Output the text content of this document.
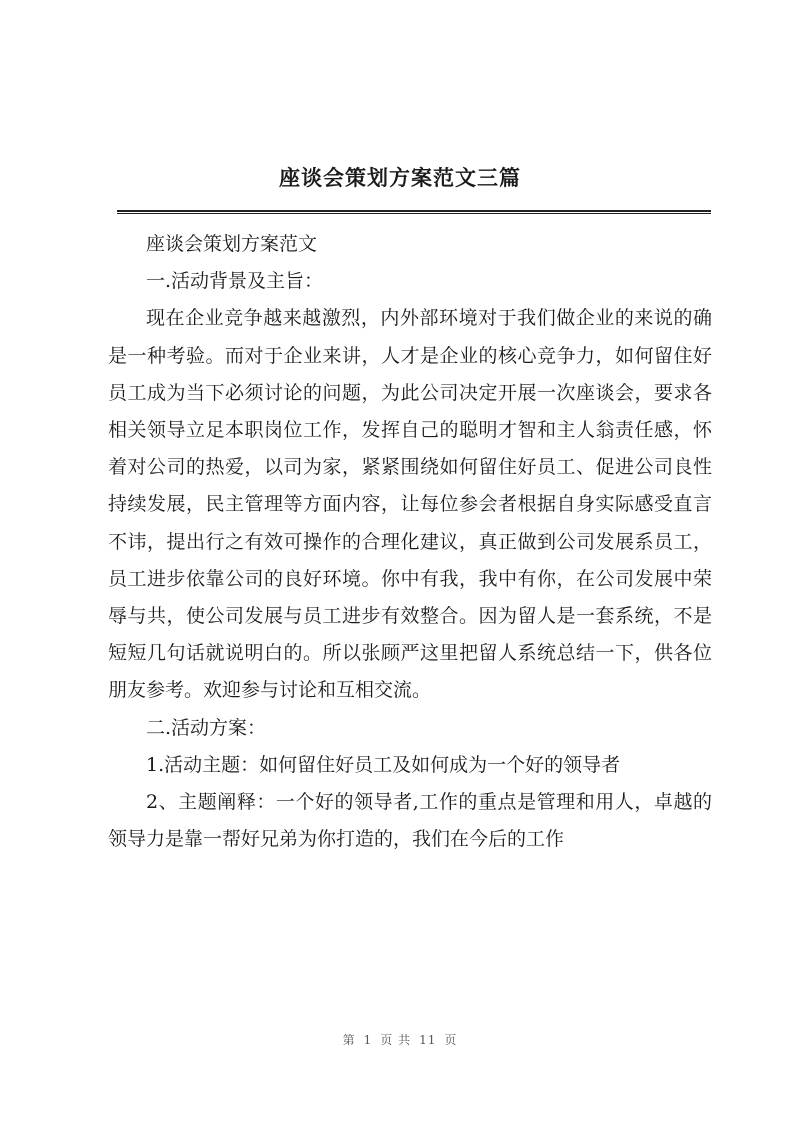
座谈会策划方案范文三篇

座谈会策划方案范文

一.活动背景及主旨：

现在企业竞争越来越激烈，内外部环境对于我们做企业的来说的确是一种考验。而对于企业来讲，人才是企业的核心竞争力，如何留住好员工成为当下必须讨论的问题，为此公司决定开展一次座谈会，要求各相关领导立足本职岗位工作，发挥自己的聪明才智和主人翁责任感，怀着对公司的热爱，以司为家，紧紧围绕如何留住好员工、促进公司良性持续发展，民主管理等方面内容，让每位参会者根据自身实际感受直言不讳，提出行之有效可操作的合理化建议，真正做到公司发展系员工，员工进步依靠公司的良好环境。你中有我，我中有你，在公司发展中荣辱与共，使公司发展与员工进步有效整合。因为留人是一套系统，不是短短几句话就说明白的。所以张顾严这里把留人系统总结一下，供各位朋友参考。欢迎参与讨论和互相交流。

二.活动方案：

1.活动主题：如何留住好员工及如何成为一个好的领导者

2、主题阐释：一个好的领导者,工作的重点是管理和用人，卓越的领导力是靠一帮好兄弟为你打造的，我们在今后的工作

第 1 页 共 11 页
